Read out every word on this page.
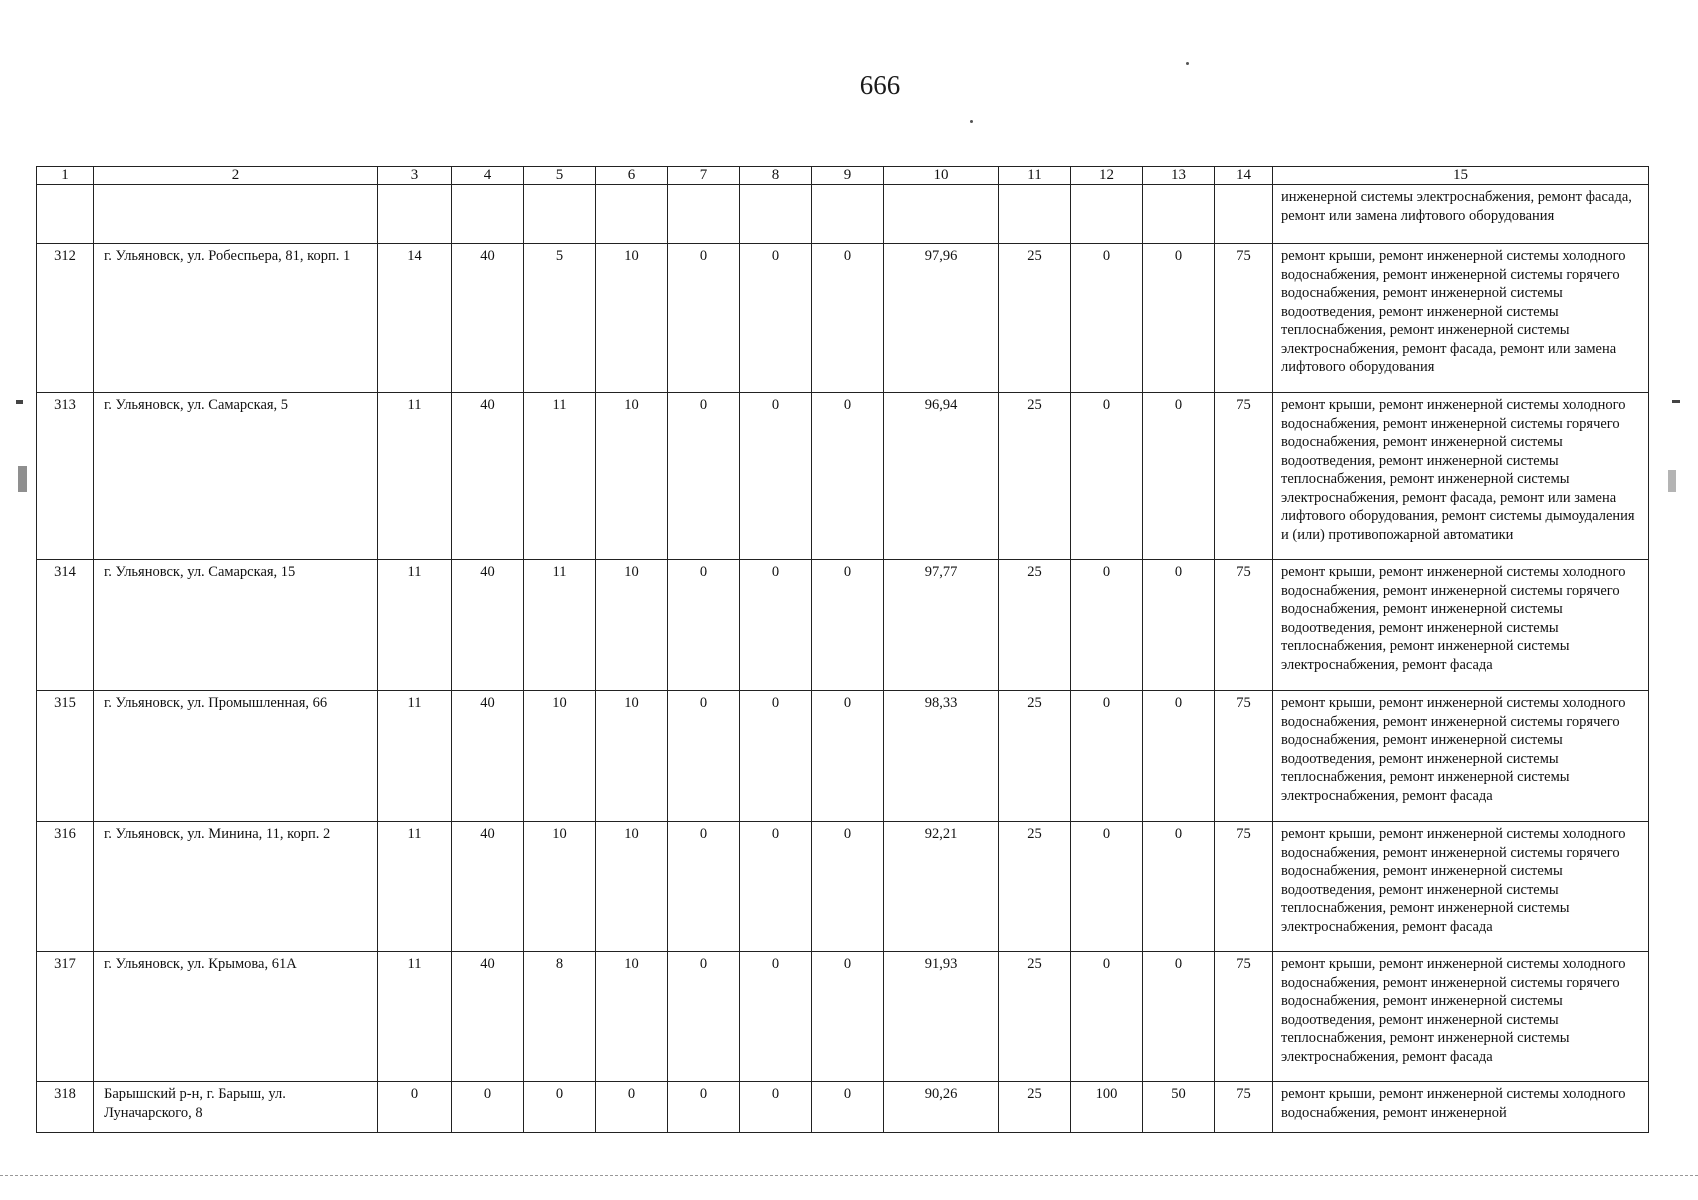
666
1	2	3	4	5	6	7	8	9	10	11	12	13	14	15
														инженерной системы электроснабжения, ремонт фасада, ремонт или замена лифтового оборудования
312	г. Ульяновск, ул. Робеспьера, 81, корп. 1	14	40	5	10	0	0	0	97,96	25	0	0	75	ремонт крыши, ремонт инженерной системы холодного водоснабжения, ремонт инженерной системы горячего водоснабжения, ремонт инженерной системы водоотведения, ремонт инженерной системы теплоснабжения, ремонт инженерной системы электроснабжения, ремонт фасада, ремонт или замена лифтового оборудования
313	г. Ульяновск, ул. Самарская, 5	11	40	11	10	0	0	0	96,94	25	0	0	75	ремонт крыши, ремонт инженерной системы холодного водоснабжения, ремонт инженерной системы горячего водоснабжения, ремонт инженерной системы водоотведения, ремонт инженерной системы теплоснабжения, ремонт инженерной системы электроснабжения, ремонт фасада, ремонт или замена лифтового оборудования, ремонт системы дымоудаления и (или) противопожарной автоматики
314	г. Ульяновск, ул. Самарская, 15	11	40	11	10	0	0	0	97,77	25	0	0	75	ремонт крыши, ремонт инженерной системы холодного водоснабжения, ремонт инженерной системы горячего водоснабжения, ремонт инженерной системы водоотведения, ремонт инженерной системы теплоснабжения, ремонт инженерной системы электроснабжения, ремонт фасада
315	г. Ульяновск, ул. Промышленная, 66	11	40	10	10	0	0	0	98,33	25	0	0	75	ремонт крыши, ремонт инженерной системы холодного водоснабжения, ремонт инженерной системы горячего водоснабжения, ремонт инженерной системы водоотведения, ремонт инженерной системы теплоснабжения, ремонт инженерной системы электроснабжения, ремонт фасада
316	г. Ульяновск, ул. Минина, 11, корп. 2	11	40	10	10	0	0	0	92,21	25	0	0	75	ремонт крыши, ремонт инженерной системы холодного водоснабжения, ремонт инженерной системы горячего водоснабжения, ремонт инженерной системы водоотведения, ремонт инженерной системы теплоснабжения, ремонт инженерной системы электроснабжения, ремонт фасада
317	г. Ульяновск, ул. Крымова, 61А	11	40	8	10	0	0	0	91,93	25	0	0	75	ремонт крыши, ремонт инженерной системы холодного водоснабжения, ремонт инженерной системы горячего водоснабжения, ремонт инженерной системы водоотведения, ремонт инженерной системы теплоснабжения, ремонт инженерной системы электроснабжения, ремонт фасада
318	Барышский р-н, г. Барыш, ул. Луначарского, 8	0	0	0	0	0	0	0	90,26	25	100	50	75	ремонт крыши, ремонт инженерной системы холодного водоснабжения, ремонт инженерной
